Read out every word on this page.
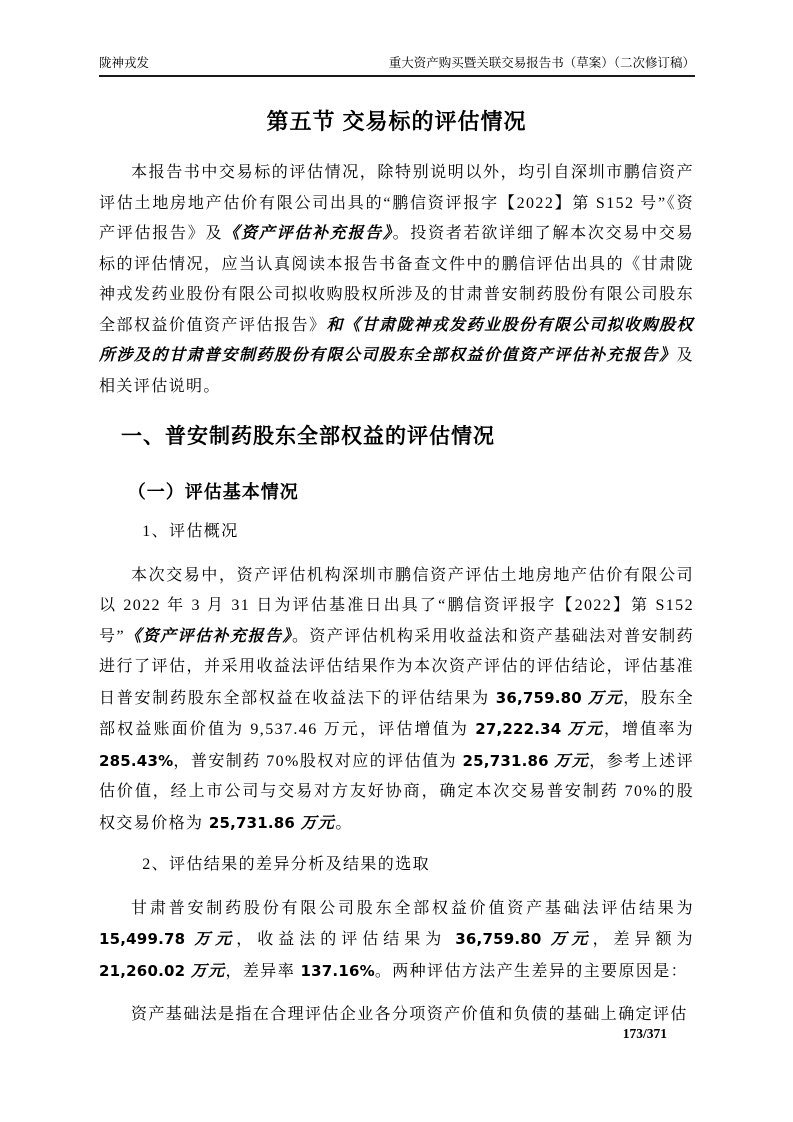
陇神戎发	重大资产购买暨关联交易报告书（草案）（二次修订稿）
第五节 交易标的评估情况

本报告书中交易标的评估情况，除特别说明以外，均引自深圳市鹏信资产评估土地房地产估价有限公司出具的“鹏信资评报字【2022】第 S152 号”《资产评估报告》及《资产评估补充报告》。投资者若欲详细了解本次交易中交易标的评估情况，应当认真阅读本报告书备查文件中的鹏信评估出具的《甘肃陇神戎发药业股份有限公司拟收购股权所涉及的甘肃普安制药股份有限公司股东全部权益价值资产评估报告》和《甘肃陇神戎发药业股份有限公司拟收购股权所涉及的甘肃普安制药股份有限公司股东全部权益价值资产评估补充报告》及相关评估说明。

一、普安制药股东全部权益的评估情况
（一）评估基本情况

1、评估概况

本次交易中，资产评估机构深圳市鹏信资产评估土地房地产估价有限公司以 2022 年 3 月 31 日为评估基准日出具了“鹏信资评报字【2022】第 S152 号”《资产评估补充报告》。资产评估机构采用收益法和资产基础法对普安制药进行了评估，并采用收益法评估结果作为本次资产评估的评估结论，评估基准日普安制药股东全部权益在收益法下的评估结果为 36,759.80 万元，股东全部权益账面价值为 9,537.46 万元，评估增值为 27,222.34 万元，增值率为 285.43%，普安制药 70%股权对应的评估值为 25,731.86 万元，参考上述评估价值，经上市公司与交易对方友好协商，确定本次交易普安制药 70%的股权交易价格为 25,731.86 万元。

2、评估结果的差异分析及结果的选取

甘肃普安制药股份有限公司股东全部权益价值资产基础法评估结果为 15,499.78 万元，收益法的评估结果为 36,759.80 万元，差异额为 21,260.02 万元，差异率 137.16%。两种评估方法产生差异的主要原因是：

资产基础法是指在合理评估企业各分项资产价值和负债的基础上确定评估

173/371
